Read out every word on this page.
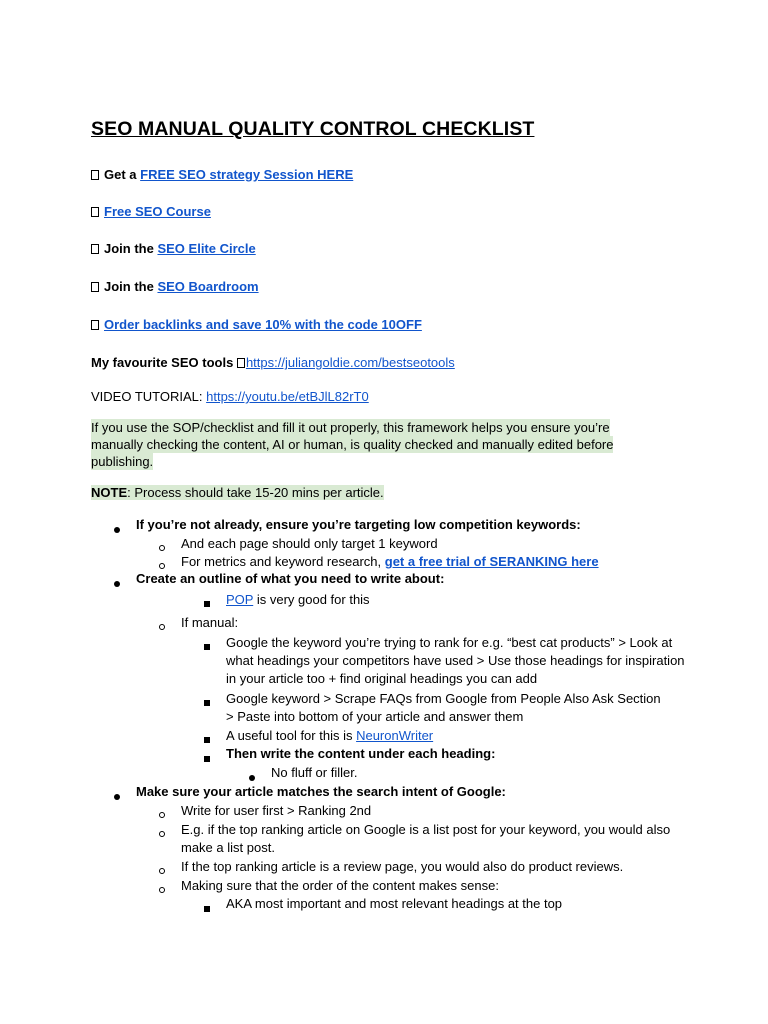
SEO MANUAL QUALITY CONTROL CHECKLIST
Get a FREE SEO strategy Session HERE
Free SEO Course
Join the SEO Elite Circle
Join the SEO Boardroom
Order backlinks and save 10% with the code 10OFF
My favourite SEO tools https://juliangoldie.com/bestseotools
VIDEO TUTORIAL: https://youtu.be/etBJlL82rT0
If you use the SOP/checklist and fill it out properly, this framework helps you ensure you’re manually checking the content, AI or human, is quality checked and manually edited before publishing.
NOTE: Process should take 15-20 mins per article.
If you’re not already, ensure you’re targeting low competition keywords:
And each page should only target 1 keyword
For metrics and keyword research, get a free trial of SERANKING here
Create an outline of what you need to write about:
POP is very good for this
If manual:
Google the keyword you’re trying to rank for e.g. “best cat products” > Look at what headings your competitors have used > Use those headings for inspiration in your article too + find original headings you can add
Google keyword > Scrape FAQs from Google from People Also Ask Section > Paste into bottom of your article and answer them
A useful tool for this is NeuronWriter
Then write the content under each heading:
No fluff or filler.
Make sure your article matches the search intent of Google:
Write for user first > Ranking 2nd
E.g. if the top ranking article on Google is a list post for your keyword, you would also make a list post.
If the top ranking article is a review page, you would also do product reviews.
Making sure that the order of the content makes sense:
AKA most important and most relevant headings at the top
